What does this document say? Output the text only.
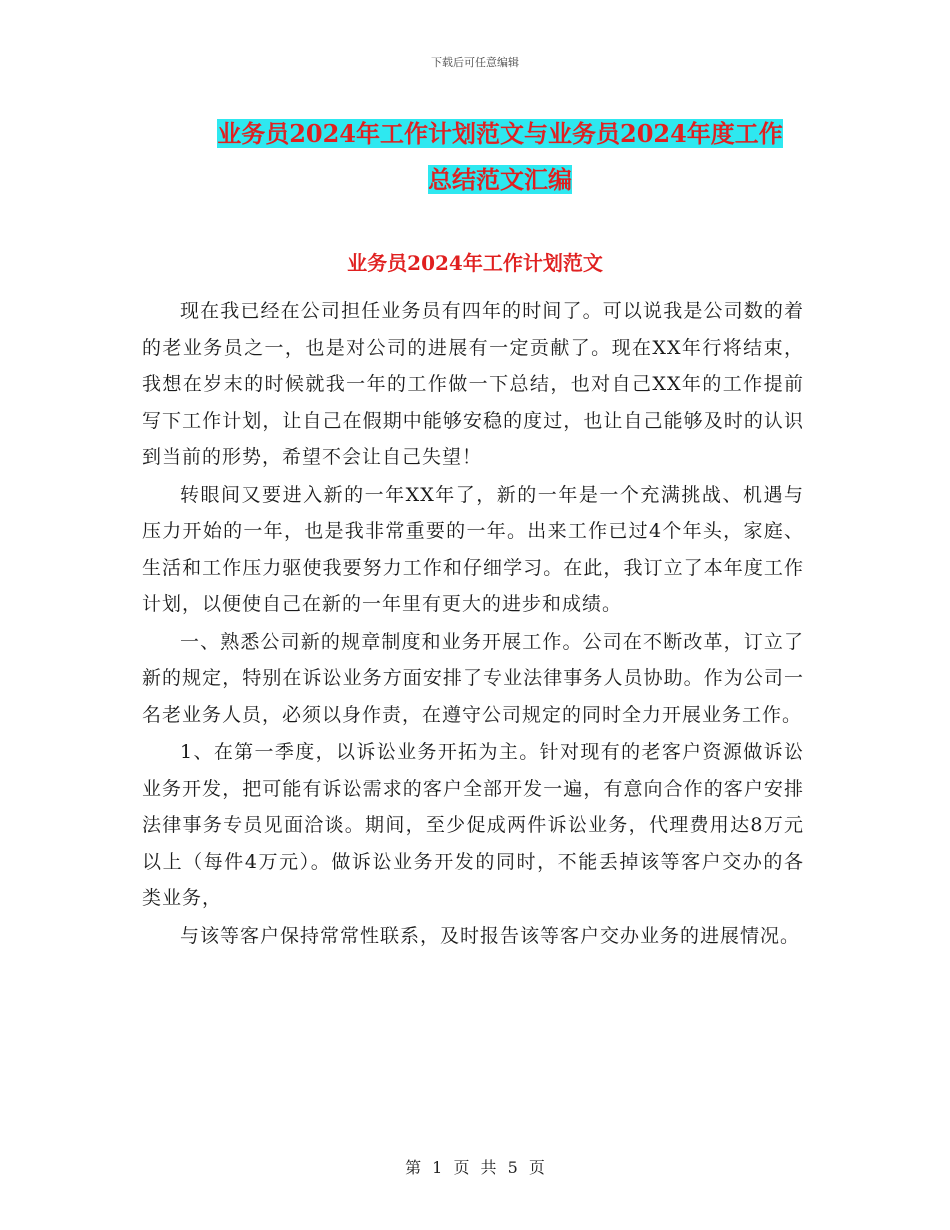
下载后可任意编辑
业务员2024年工作计划范文与业务员2024年度工作
总结范文汇编
业务员2024年工作计划范文

现在我已经在公司担任业务员有四年的时间了。可以说我是公司数的着的老业务员之一，也是对公司的进展有一定贡献了。现在XX年行将结束，我想在岁末的时候就我一年的工作做一下总结，也对自己XX年的工作提前写下工作计划，让自己在假期中能够安稳的度过，也让自己能够及时的认识到当前的形势，希望不会让自己失望！

转眼间又要进入新的一年XX年了，新的一年是一个充满挑战、机遇与压力开始的一年，也是我非常重要的一年。出来工作已过4个年头，家庭、生活和工作压力驱使我要努力工作和仔细学习。在此，我订立了本年度工作计划，以便使自己在新的一年里有更大的进步和成绩。

一、熟悉公司新的规章制度和业务开展工作。公司在不断改革，订立了新的规定，特别在诉讼业务方面安排了专业法律事务人员协助。作为公司一名老业务人员，必须以身作责，在遵守公司规定的同时全力开展业务工作。

1、在第一季度，以诉讼业务开拓为主。针对现有的老客户资源做诉讼业务开发，把可能有诉讼需求的客户全部开发一遍，有意向合作的客户安排法律事务专员见面洽谈。期间，至少促成两件诉讼业务，代理费用达8万元以上（每件4万元）。做诉讼业务开发的同时，不能丢掉该等客户交办的各类业务，

与该等客户保持常常性联系，及时报告该等客户交办业务的进展情况。

第 1 页 共 5 页
